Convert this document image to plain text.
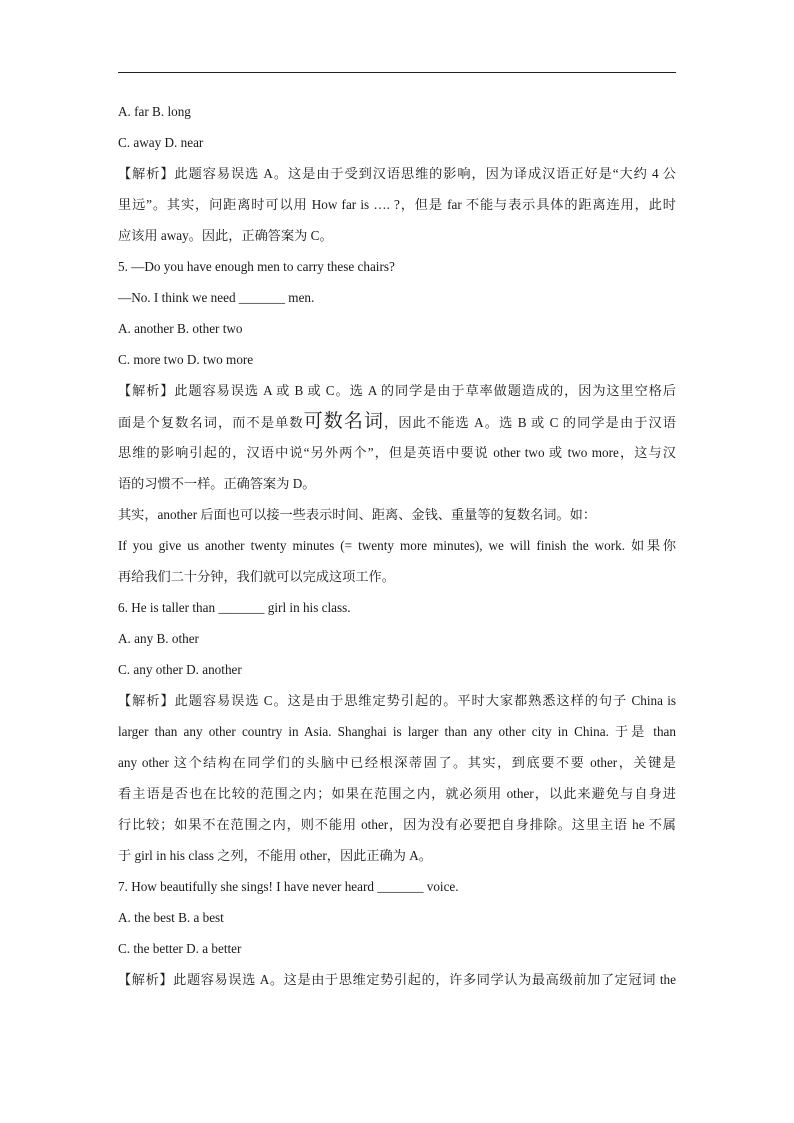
A. far B. long
C. away D. near
【解析】此题容易误选 A。这是由于受到汉语思维的影响，因为译成汉语正好是“大约 4 公
里远”。其实，问距离时可以用 How far is …. ?，但是 far 不能与表示具体的距离连用，此时
应该用 away。因此，正确答案为 C。
5. —Do you have enough men to carry these chairs?
—No. I think we need _______ men.
A. another B. other two
C. more two D. two more
【解析】此题容易误选 A 或 B 或 C。选 A 的同学是由于草率做题造成的，因为这里空格后
面是个复数名词，而不是单数可数名词，因此不能选 A。选 B 或 C 的同学是由于汉语
思维的影响引起的，汉语中说“另外两个”，但是英语中要说 other two 或 two more，这与汉
语的习惯不一样。正确答案为 D。
其实，another 后面也可以接一些表示时间、距离、金钱、重量等的复数名词。如：
If you give us another twenty minutes (= twenty more minutes), we will finish the work. 如果你
再给我们二十分钟，我们就可以完成这项工作。
6. He is taller than _______ girl in his class.
A. any B. other
C. any other D. another
【解析】此题容易误选 C。这是由于思维定势引起的。平时大家都熟悉这样的句子 China is
larger than any other country in Asia. Shanghai is larger than any other city in China. 于是 than
any other 这个结构在同学们的头脑中已经根深蒂固了。其实，到底要不要 other，关键是
看主语是否也在比较的范围之内；如果在范围之内，就必须用 other，以此来避免与自身进
行比较；如果不在范围之内，则不能用 other，因为没有必要把自身排除。这里主语 he 不属
于 girl in his class 之列，不能用 other，因此正确为 A。
7. How beautifully she sings! I have never heard _______ voice.
A. the best B. a best
C. the better D. a better
【解析】此题容易误选 A。这是由于思维定势引起的，许多同学认为最高级前加了定冠词 the
